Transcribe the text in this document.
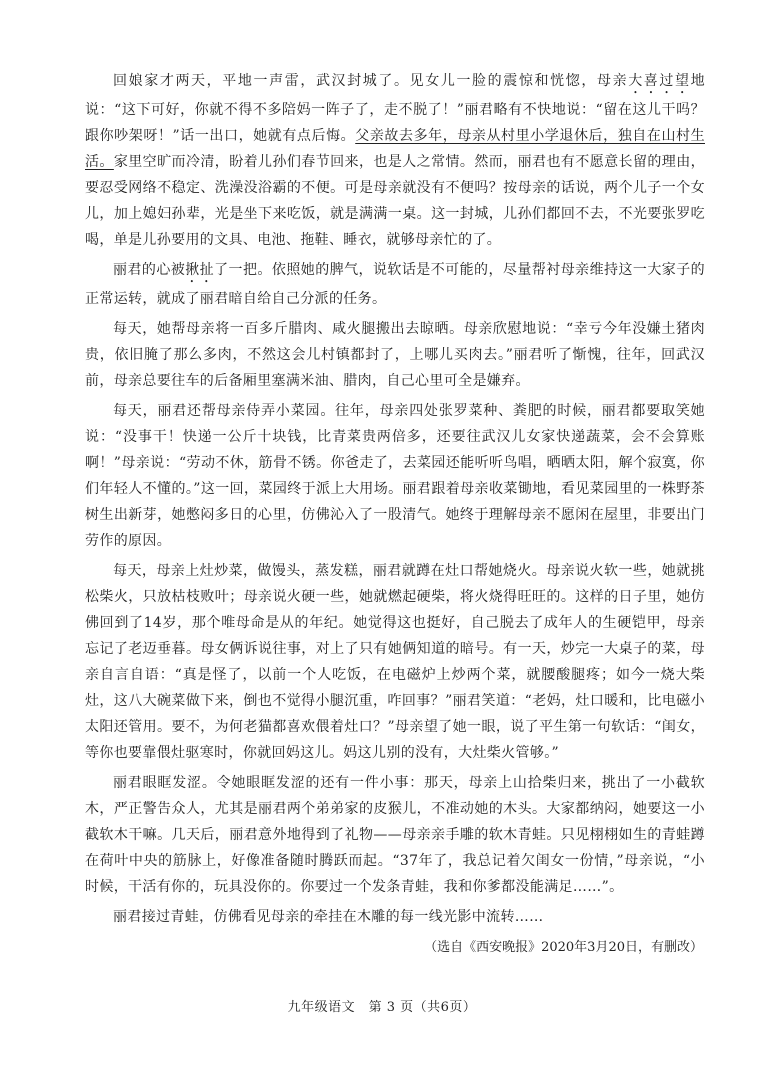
回娘家才两天，平地一声雷，武汉封城了。见女儿一脸的震惊和恍惚，母亲大喜过望地说：“这下可好，你就不得不多陪妈一阵子了，走不脱了！”丽君略有不快地说：“留在这儿干吗？跟你吵架呀！”话一出口，她就有点后悔。父亲故去多年，母亲从村里小学退休后，独自在山村生活。家里空旷而冷清，盼着儿孙们春节回来，也是人之常情。然而，丽君也有不愿意长留的理由，要忍受网络不稳定、洗澡没浴霸的不便。可是母亲就没有不便吗？按母亲的话说，两个儿子一个女儿，加上媳妇孙辈，光是坐下来吃饭，就是满满一桌。这一封城，儿孙们都回不去，不光要张罗吃喝，单是儿孙要用的文具、电池、拖鞋、睡衣，就够母亲忙的了。

丽君的心被揪扯了一把。依照她的脾气，说软话是不可能的，尽量帮衬母亲维持这一大家子的正常运转，就成了丽君暗自给自己分派的任务。

每天，她帮母亲将一百多斤腊肉、咸火腿搬出去晾晒。母亲欣慰地说：“幸亏今年没嫌土猪肉贵，依旧腌了那么多肉，不然这会儿村镇都封了，上哪儿买肉去。”丽君听了惭愧，往年，回武汉前，母亲总要往车的后备厢里塞满米油、腊肉，自己心里可全是嫌弃。

每天，丽君还帮母亲侍弄小菜园。往年，母亲四处张罗菜种、粪肥的时候，丽君都要取笑她说：“没事干！快递一公斤十块钱，比青菜贵两倍多，还要往武汉儿女家快递蔬菜，会不会算账啊！”母亲说：“劳动不休，筋骨不锈。你爸走了，去菜园还能听听鸟唱，晒晒太阳，解个寂寞，你们年轻人不懂的。”这一回，菜园终于派上大用场。丽君跟着母亲收菜锄地，看见菜园里的一株野茶树生出新芽，她憋闷多日的心里，仿佛沁入了一股清气。她终于理解母亲不愿闲在屋里，非要出门劳作的原因。

每天，母亲上灶炒菜，做馒头，蒸发糕，丽君就蹲在灶口帮她烧火。母亲说火软一些，她就挑松柴火，只放枯枝败叶；母亲说火硬一些，她就燃起硬柴，将火烧得旺旺的。这样的日子里，她仿佛回到了14岁，那个唯母命是从的年纪。她觉得这也挺好，自己脱去了成年人的生硬铠甲，母亲忘记了老迈垂暮。母女俩诉说往事，对上了只有她俩知道的暗号。有一天，炒完一大桌子的菜，母亲自言自语：“真是怪了，以前一个人吃饭，在电磁炉上炒两个菜，就腰酸腿疼；如今一烧大柴灶，这八大碗菜做下来，倒也不觉得小腿沉重，咋回事？”丽君笑道：“老妈，灶口暖和，比电磁小太阳还管用。要不，为何老猫都喜欢偎着灶口？”母亲望了她一眼，说了平生第一句软话：“闺女，等你也要靠偎灶驱寒时，你就回妈这儿。妈这儿别的没有，大灶柴火管够。”

丽君眼眶发涩。令她眼眶发涩的还有一件小事：那天，母亲上山拾柴归来，挑出了一小截软木，严正警告众人，尤其是丽君两个弟弟家的皮猴儿，不准动她的木头。大家都纳闷，她要这一小截软木干嘛。几天后，丽君意外地得到了礼物——母亲亲手雕的软木青蛙。只见栩栩如生的青蛙蹲在荷叶中央的筋脉上，好像准备随时腾跃而起。“37年了，我总记着欠闺女一份情，”母亲说，“小时候，干活有你的，玩具没你的。你要过一个发条青蛙，我和你爹都没能满足……”。

丽君接过青蛙，仿佛看见母亲的牵挂在木雕的每一线光影中流转……

（选自《西安晚报》2020年3月20日，有删改）
九年级语文　第 3 页（共6页）
